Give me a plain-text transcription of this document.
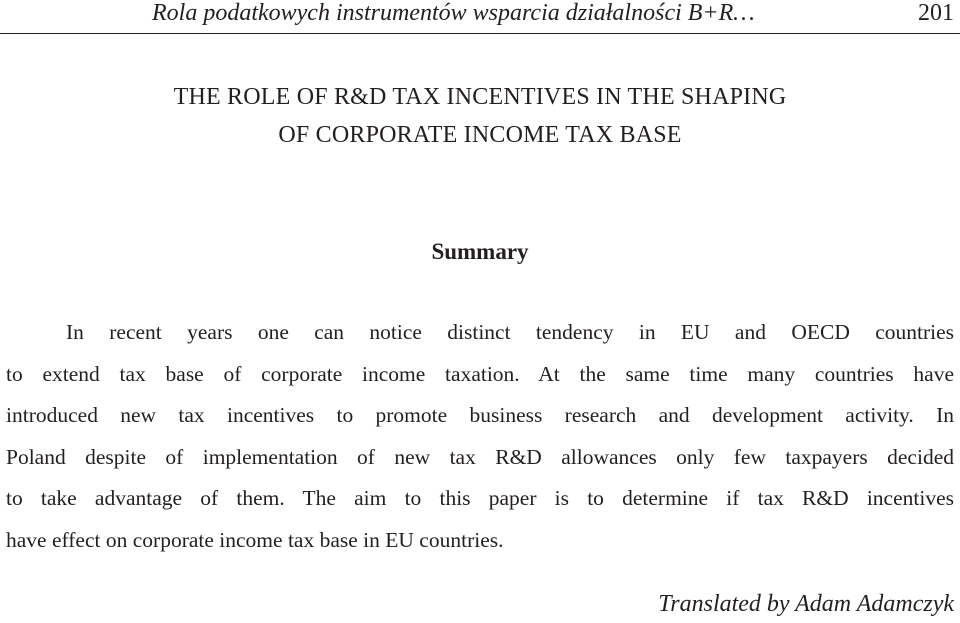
Rola podatkowych instrumentów wsparcia działalności B+R…	201
THE ROLE OF R&D TAX INCENTIVES IN THE SHAPING
OF CORPORATE INCOME TAX BASE
Summary
In recent years one can notice distinct tendency in EU and OECD countries
to extend tax base of corporate income taxation. At the same time many countries have
introduced new tax incentives to promote business research and development activity. In
Poland despite of implementation of new tax R&D allowances only few taxpayers decided
to take advantage of them. The aim to this paper is to determine if tax R&D incentives
have effect on corporate income tax base in EU countries.
Translated by Adam Adamczyk
